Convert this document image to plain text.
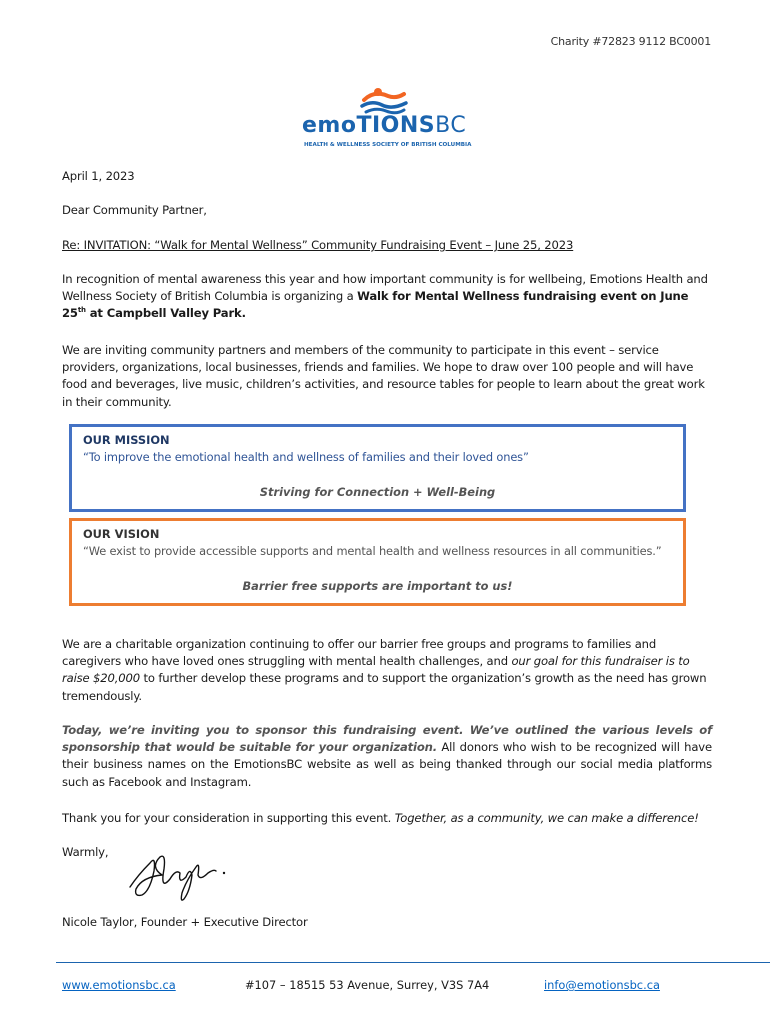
Charity #72823 9112 BC0001
emoTIONSBC
HEALTH & WELLNESS SOCIETY OF BRITISH COLUMBIA
April 1, 2023
Dear Community Partner,
Re: INVITATION: “Walk for Mental Wellness” Community Fundraising Event – June 25, 2023
In recognition of mental awareness this year and how important community is for wellbeing, Emotions Health and Wellness Society of British Columbia is organizing a Walk for Mental Wellness fundraising event on June 25th at Campbell Valley Park.
We are inviting community partners and members of the community to participate in this event – service providers, organizations, local businesses, friends and families. We hope to draw over 100 people and will have food and beverages, live music, children’s activities, and resource tables for people to learn about the great work in their community.
OUR MISSION
“To improve the emotional health and wellness of families and their loved ones”
Striving for Connection + Well-Being
OUR VISION
“We exist to provide accessible supports and mental health and wellness resources in all communities.”
Barrier free supports are important to us!
We are a charitable organization continuing to offer our barrier free groups and programs to families and caregivers who have loved ones struggling with mental health challenges, and our goal for this fundraiser is to raise $20,000 to further develop these programs and to support the organization’s growth as the need has grown tremendously.
Today, we’re inviting you to sponsor this fundraising event. We’ve outlined the various levels of sponsorship that would be suitable for your organization. All donors who wish to be recognized will have their business names on the EmotionsBC website as well as being thanked through our social media platforms such as Facebook and Instagram.
Thank you for your consideration in supporting this event. Together, as a community, we can make a difference!
Warmly,
Nicole Taylor, Founder + Executive Director
www.emotionsbc.ca	#107 – 18515 53 Avenue, Surrey, V3S 7A4	info@emotionsbc.ca
